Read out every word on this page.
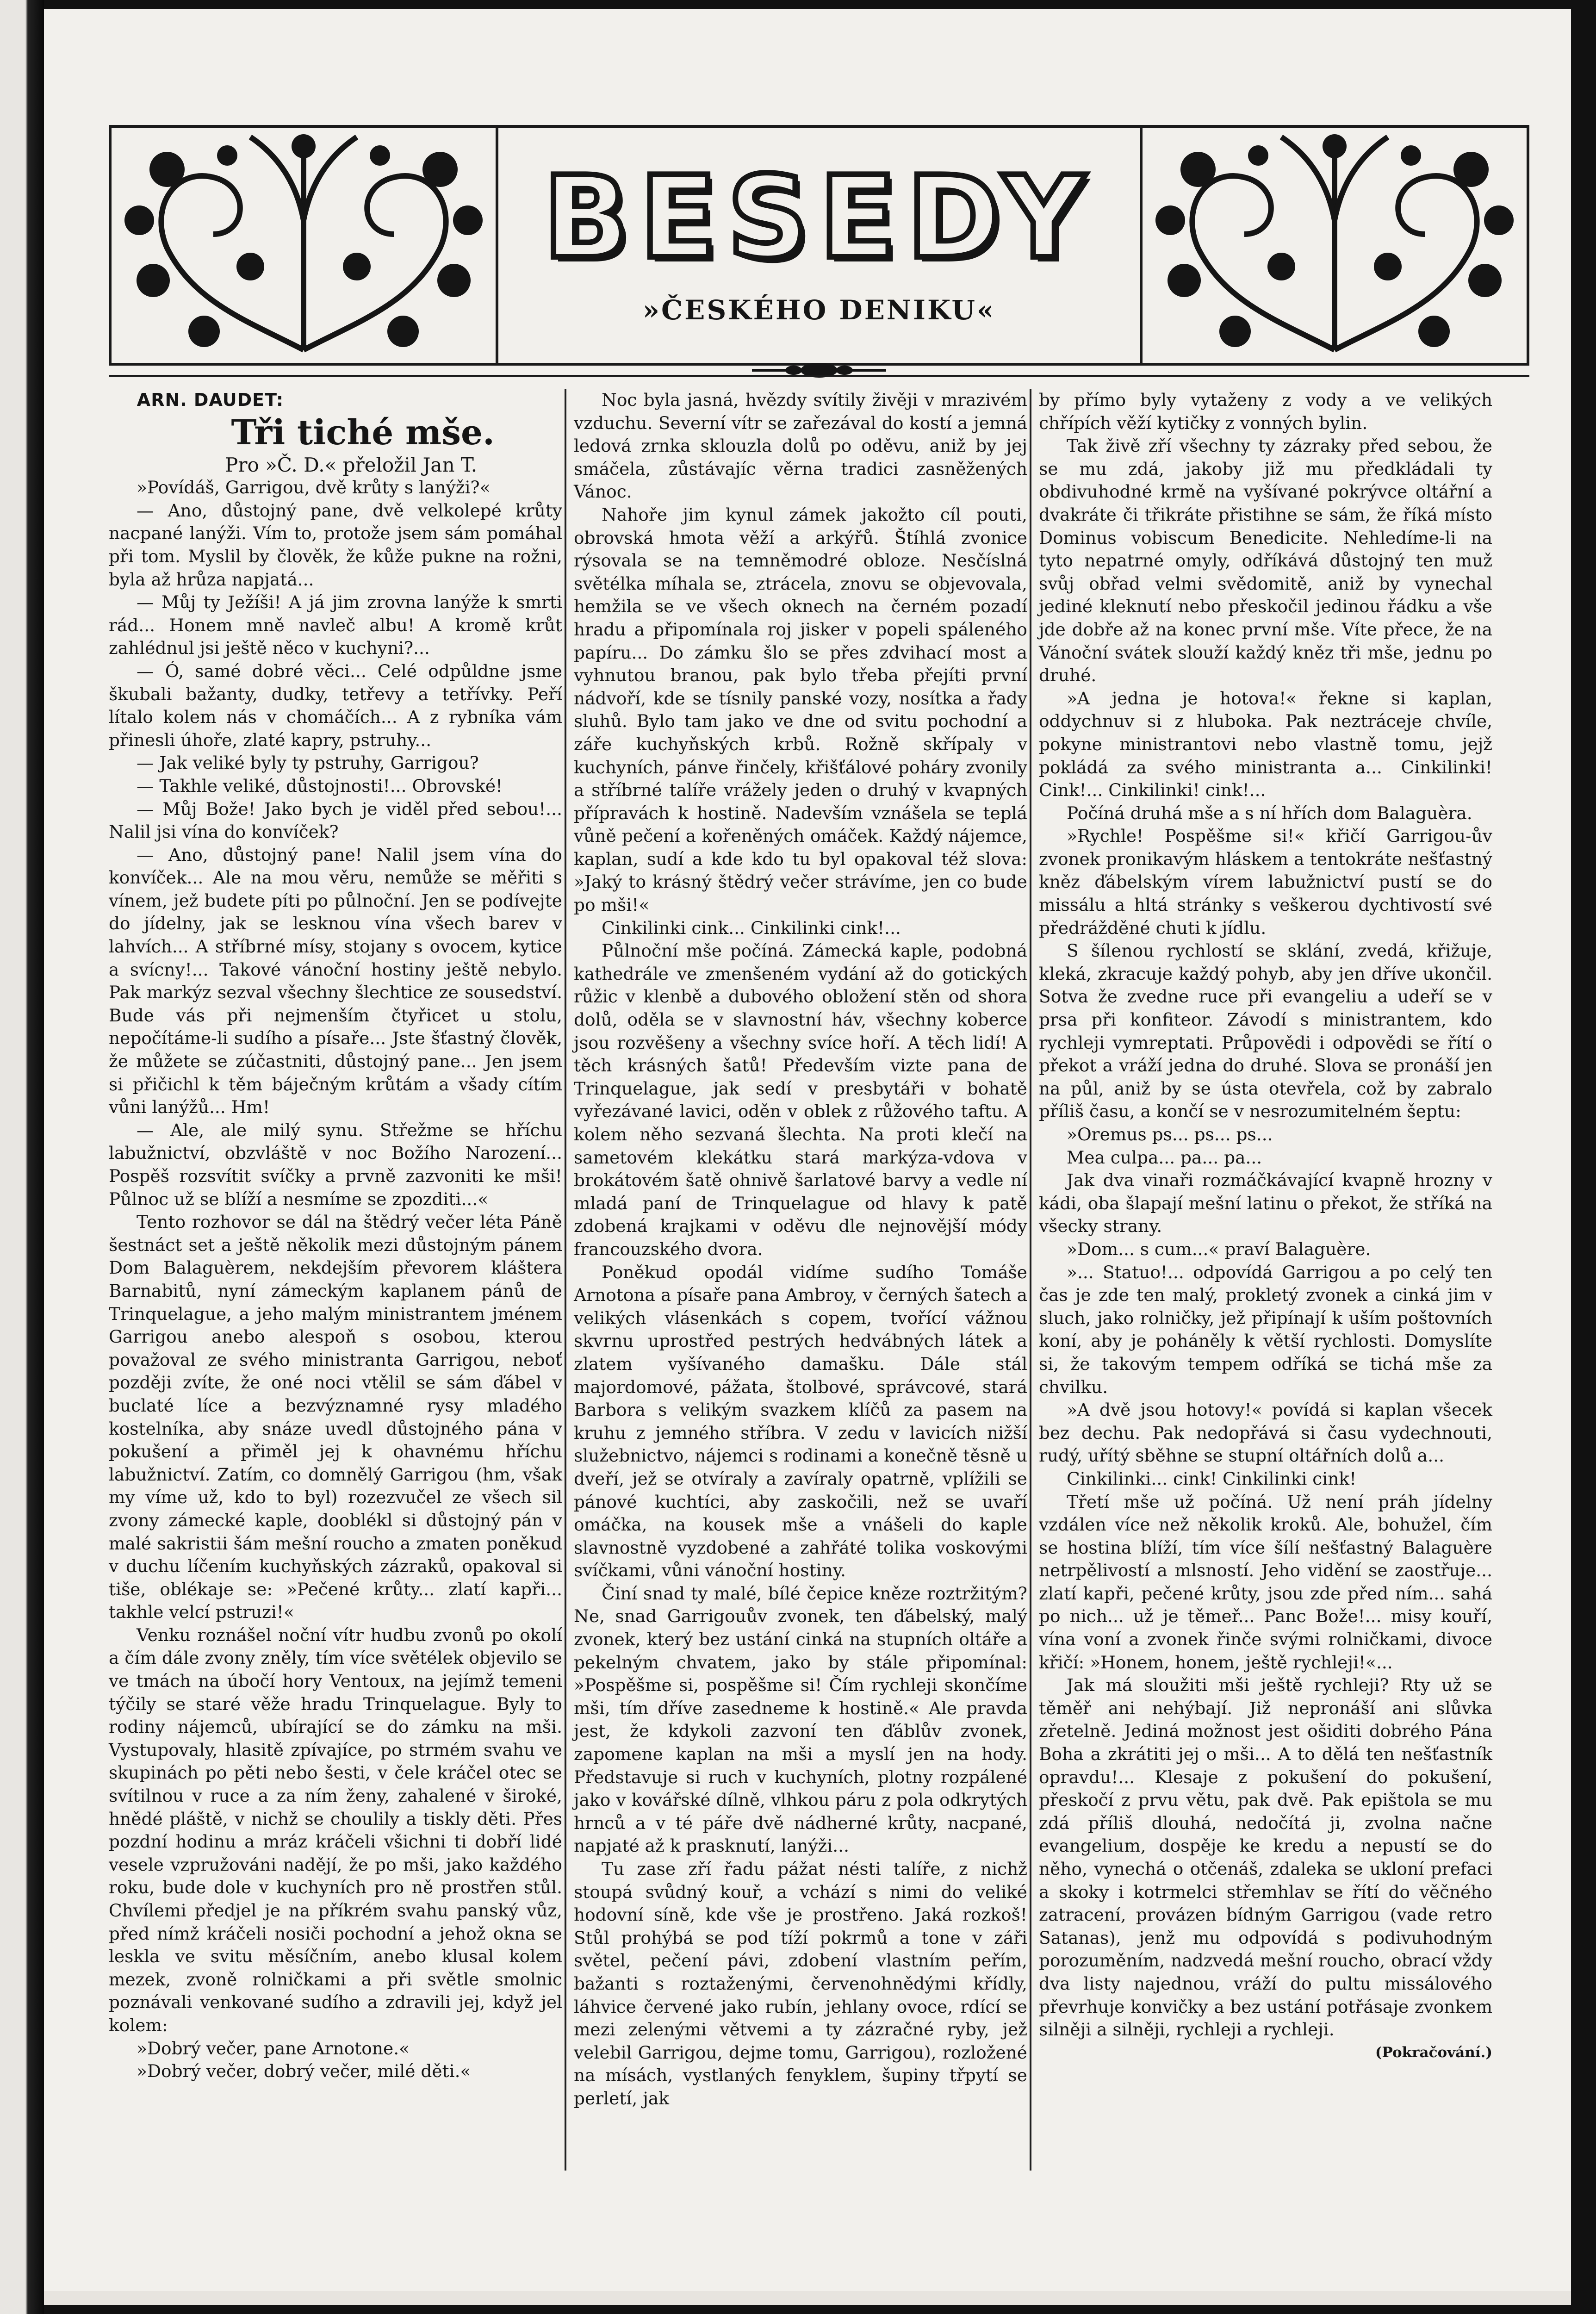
BESEDY
»ČESKÉHO DENIKU«

ARN. DAUDET:

Tři tiché mše.

Pro »Č. D.« přeložil Jan T.

»Povídáš, Garrigou, dvě krůty s lanýži?«

— Ano, důstojný pane, dvě velkolepé krůty nacpané lanýži. Vím to, protože jsem sám pomáhal při tom. Myslil by člověk, že kůže pukne na rožni, byla až hrůza napjatá...

— Můj ty Ježíši! A já jim zrovna lanýže k smrti rád... Honem mně navleč albu! A kromě krůt zahlédnul jsi ještě něco v kuchyni?...

— Ó, samé dobré věci... Celé odpůldne jsme škubali bažanty, dudky, tetřevy a tetřívky. Peří lítalo kolem nás v chomáčích... A z rybníka vám přinesli úhoře, zlaté kapry, pstruhy...

— Jak veliké byly ty pstruhy, Garrigou?

— Takhle veliké, důstojnosti!... Obrovské!

— Můj Bože! Jako bych je viděl před sebou!... Nalil jsi vína do konvíček?

— Ano, důstojný pane! Nalil jsem vína do konvíček... Ale na mou věru, nemůže se měřiti s vínem, jež budete píti po půlnoční. Jen se podívejte do jídelny, jak se lesknou vína všech barev v lahvích... A stříbrné mísy, stojany s ovocem, kytice a svícny!... Takové vánoční hostiny ještě nebylo. Pak markýz sezval všechny šlechtice ze sousedství. Bude vás při nejmenším čtyřicet u stolu, nepočítáme-li sudího a písaře... Jste šťastný člověk, že můžete se zúčastniti, důstojný pane... Jen jsem si přičichl k těm báječným krůtám a všady cítím vůni lanýžů... Hm!

— Ale, ale milý synu. Střežme se hříchu labužnictví, obzvláště v noc Božího Narození... Pospěš rozsvítit svíčky a prvně zazvoniti ke mši! Půlnoc už se blíží a nesmíme se zpozditi...«

Tento rozhovor se dál na štědrý večer léta Páně šestnáct set a ještě několik mezi důstojným pánem Dom Balaguèrem, nekdejším převorem kláštera Barnabitů, nyní zámeckým kaplanem pánů de Trinquelague, a jeho malým ministrantem jménem Garrigou anebo alespoň s osobou, kterou považoval ze svého ministranta Garrigou, neboť později zvíte, že oné noci vtělil se sám ďábel v buclaté líce a bezvýznamné rysy mladého kostelníka, aby snáze uvedl důstojného pána v pokušení a přiměl jej k ohavnému hříchu labužnictví. Zatím, co domnělý Garrigou (hm, však my víme už, kdo to byl) rozezvučel ze všech sil zvony zámecké kaple, dooblékl si důstojný pán v malé sakristii šám mešní roucho a zmaten poněkud v duchu líčením kuchyňských zázraků, opakoval si tiše, oblékaje se: »Pečené krůty... zlatí kapři... takhle velcí pstruzi!«

Venku roznášel noční vítr hudbu zvonů po okolí a čím dále zvony zněly, tím více světélek objevilo se ve tmách na úbočí hory Ventoux, na jejímž temeni týčily se staré věže hradu Trinquelague. Byly to rodiny nájemců, ubírající se do zámku na mši. Vystupovaly, hlasitě zpívajíce, po strmém svahu ve skupinách po pěti nebo šesti, v čele kráčel otec se svítilnou v ruce a za ním ženy, zahalené v široké, hnědé pláště, v nichž se choulily a tiskly děti. Přes pozdní hodinu a mráz kráčeli všichni ti dobří lidé vesele vzpružováni nadějí, že po mši, jako každého roku, bude dole v kuchyních pro ně prostřen stůl. Chvílemi předjel je na příkrém svahu panský vůz, před nímž kráčeli nosiči pochodní a jehož okna se leskla ve svitu měsíčním, anebo klusal kolem mezek, zvoně rolničkami a při světle smolnic poznávali venkované sudího a zdravili jej, když jel kolem:

»Dobrý večer, pane Arnotone.«

»Dobrý večer, dobrý večer, milé děti.«

Noc byla jasná, hvězdy svítily živěji v mrazivém vzduchu. Severní vítr se zařezával do kostí a jemná ledová zrnka sklouzla dolů po oděvu, aniž by jej smáčela, zůstávajíc věrna tradici zasněžených Vánoc.

Nahoře jim kynul zámek jakožto cíl pouti, obrovská hmota věží a arkýřů. Štíhlá zvonice rýsovala se na temněmodré obloze. Nesčíslná světélka míhala se, ztrácela, znovu se objevovala, hemžila se ve všech oknech na černém pozadí hradu a připomínala roj jisker v popeli spáleného papíru... Do zámku šlo se přes zdvihací most a vyhnutou branou, pak bylo třeba přejíti první nádvoří, kde se tísnily panské vozy, nosítka a řady sluhů. Bylo tam jako ve dne od svitu pochodní a záře kuchyňských krbů. Rožně skřípaly v kuchyních, pánve řinčely, křišťálové poháry zvonily a stříbrné talíře vrážely jeden o druhý v kvapných přípravách k hostině. Nadevším vznášela se teplá vůně pečení a kořeněných omáček. Každý nájemce, kaplan, sudí a kde kdo tu byl opakoval též slova: »Jaký to krásný štědrý večer strávíme, jen co bude po mši!«

Cinkilinki cink... Cinkilinki cink!...

Půlnoční mše počíná. Zámecká kaple, podobná kathedrále ve zmenšeném vydání až do gotických růžic v klenbě a dubového obložení stěn od shora dolů, oděla se v slavnostní háv, všechny koberce jsou rozvěšeny a všechny svíce hoří. A těch lidí! A těch krásných šatů! Především vizte pana de Trinquelague, jak sedí v presbytáři v bohatě vyřezávané lavici, oděn v oblek z růžového taftu. A kolem něho sezvaná šlechta. Na proti klečí na sametovém klekátku stará markýza-vdova v brokátovém šatě ohnivě šarlatové barvy a vedle ní mladá paní de Trinquelague od hlavy k patě zdobená krajkami v oděvu dle nejnovější módy francouzského dvora.

Poněkud opodál vidíme sudího Tomáše Arnotona a písaře pana Ambroy, v černých šatech a velikých vlásenkách s copem, tvořící vážnou skvrnu uprostřed pestrých hedvábných látek a zlatem vyšívaného damašku. Dále stál majordomové, pážata, štolbové, správcové, stará Barbora s velikým svazkem klíčů za pasem na kruhu z jemného stříbra. V zedu v lavicích nižší služebnictvo, nájemci s rodinami a konečně těsně u dveří, jež se otvíraly a zavíraly opatrně, vplížili se pánové kuchtíci, aby zaskočili, než se uvaří omáčka, na kousek mše a vnášeli do kaple slavnostně vyzdobené a zahřáté tolika voskovými svíčkami, vůni vánoční hostiny.

Činí snad ty malé, bílé čepice kněze roztržitým? Ne, snad Garrigouův zvonek, ten ďábelský, malý zvonek, který bez ustání cinká na stupních oltáře a pekelným chvatem, jako by stále připomínal: »Pospěšme si, pospěšme si! Čím rychleji skončíme mši, tím dříve zasedneme k hostině.« Ale pravda jest, že kdykoli zazvoní ten ďáblův zvonek, zapomene kaplan na mši a myslí jen na hody. Představuje si ruch v kuchyních, plotny rozpálené jako v kovářské dílně, vlhkou páru z pola odkrytých hrnců a v té páře dvě nádherné krůty, nacpané, napjaté až k prasknutí, lanýži...

Tu zase zří řadu pážat nésti talíře, z nichž stoupá svůdný kouř, a vchází s nimi do veliké hodovní síně, kde vše je prostřeno. Jaká rozkoš! Stůl prohýbá se pod tíží pokrmů a tone v záři světel, pečení pávi, zdobení vlastním peřím, bažanti s roztaženými, červenohnědými křídly, láhvice červené jako rubín, jehlany ovoce, rdící se mezi zelenými větvemi a ty zázračné ryby, jež velebil Garrigou, dejme tomu, Garrigou), rozložené na mísách, vystlaných fenyklem, šupiny třpytí se perletí, jak

by přímo byly vytaženy z vody a ve velikých chřípích věží kytičky z vonných bylin.

Tak živě zří všechny ty zázraky před sebou, že se mu zdá, jakoby již mu předkládali ty obdivuhodné krmě na vyšívané pokrývce oltářní a dvakráte či třikráte přistihne se sám, že říká místo Dominus vobiscum Benedicite. Nehledíme-li na tyto nepatrné omyly, odříkává důstojný ten muž svůj obřad velmi svědomitě, aniž by vynechal jediné kleknutí nebo přeskočil jedinou řádku a vše jde dobře až na konec první mše. Víte přece, že na Vánoční svátek slouží každý kněz tři mše, jednu po druhé.

»A jedna je hotova!« řekne si kaplan, oddychnuv si z hluboka. Pak neztráceje chvíle, pokyne ministrantovi nebo vlastně tomu, jejž pokládá za svého ministranta a... Cinkilinki! Cink!... Cinkilinki! cink!...

Počíná druhá mše a s ní hřích dom Balaguèra.

»Rychle! Pospěšme si!« křičí Garrigou-ův zvonek pronikavým hláskem a tentokráte nešťastný kněz ďábelským vírem labužnictví pustí se do missálu a hltá stránky s veškerou dychtivostí své předrážděné chuti k jídlu.

S šílenou rychlostí se sklání, zvedá, křižuje, kleká, zkracuje každý pohyb, aby jen dříve ukončil. Sotva že zvedne ruce při evangeliu a udeří se v prsa při konfiteor. Závodí s ministrantem, kdo rychleji vymreptati. Průpovědi i odpovědi se řítí o překot a vráží jedna do druhé. Slova se pronáší jen na půl, aniž by se ústa otevřela, což by zabralo příliš času, a končí se v nesrozumitelném šeptu:

»Oremus ps... ps... ps...

Mea culpa... pa... pa...

Jak dva vinaři rozmáčkávající kvapně hrozny v kádi, oba šlapají mešní latinu o překot, že stříká na všecky strany.

»Dom... s cum...« praví Balaguère.

»... Statuo!... odpovídá Garrigou a po celý ten čas je zde ten malý, prokletý zvonek a cinká jim v sluch, jako rolničky, jež připínají k uším poštovních koní, aby je poháněly k větší rychlosti. Domyslíte si, že takovým tempem odříká se tichá mše za chvilku.

»A dvě jsou hotovy!« povídá si kaplan všecek bez dechu. Pak nedopřává si času vydechnouti, rudý, uřítý sběhne se stupní oltářních dolů a...

Cinkilinki... cink! Cinkilinki cink!

Třetí mše už počíná. Už není práh jídelny vzdálen více než několik kroků. Ale, bohužel, čím se hostina blíží, tím více šílí nešťastný Balaguère netrpělivostí a mlsností. Jeho vidění se zaostřuje... zlatí kapři, pečené krůty, jsou zde před ním... sahá po nich... už je těmeř... Panc Bože!... misy kouří, vína voní a zvonek řinče svými rolničkami, divoce křičí: »Honem, honem, ještě rychleji!«...

Jak má sloužiti mši ještě rychleji? Rty už se těměř ani nehýbají. Již nepronáší ani slůvka zřetelně. Jediná možnost jest ošiditi dobrého Pána Boha a zkrátiti jej o mši... A to dělá ten nešťastník opravdu!... Klesaje z pokušení do pokušení, přeskočí z prvu větu, pak dvě. Pak epištola se mu zdá příliš dlouhá, nedočítá ji, zvolna načne evangelium, dospěje ke kredu a nepustí se do něho, vynechá o otčenáš, zdaleka se ukloní prefaci a skoky i kotrmelci střemhlav se řítí do věčného zatracení, provázen bídným Garrigou (vade retro Satanas), jenž mu odpovídá s podivuhodným porozuměním, nadzvedá mešní roucho, obrací vždy dva listy najednou, vráží do pultu missálového převrhuje konvičky a bez ustání potřásaje zvonkem silněji a silněji, rychleji a rychleji.

(Pokračování.)
